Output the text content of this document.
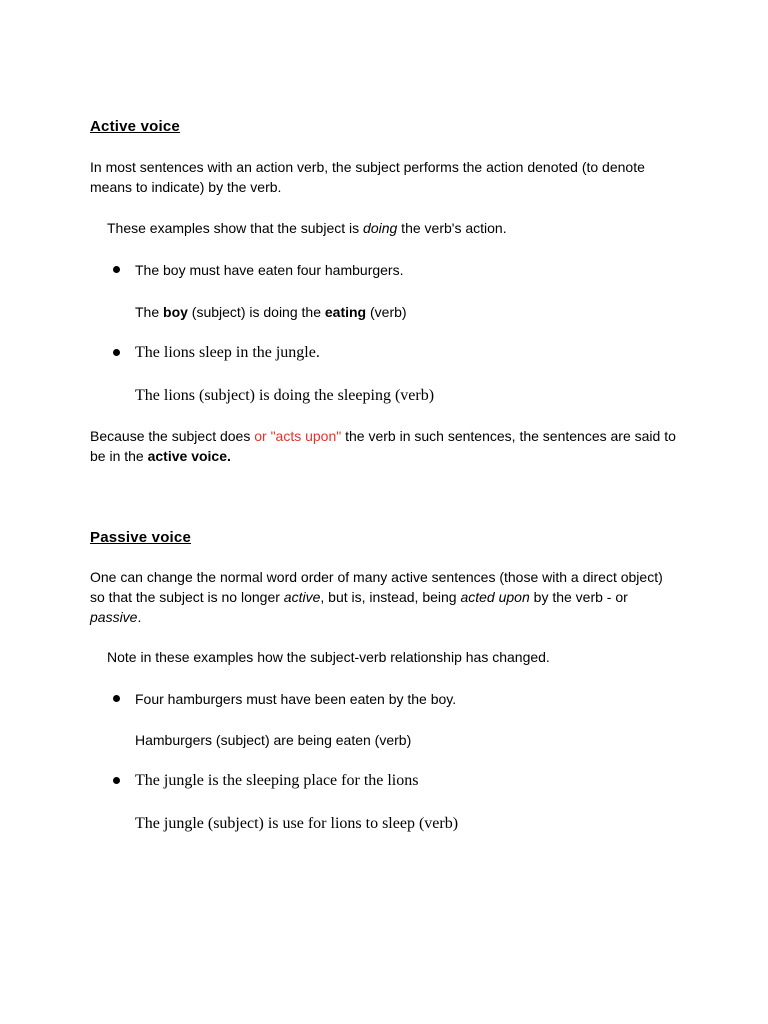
Active voice
In most sentences with an action verb, the subject performs the action denoted (to denote means to indicate) by the verb.
These examples show that the subject is doing the verb's action.
The boy must have eaten four hamburgers.
The boy (subject) is doing the eating (verb)
The lions sleep in the jungle.
The lions (subject) is doing the sleeping (verb)
Because the subject does or "acts upon" the verb in such sentences, the sentences are said to be in the active voice.
Passive voice
One can change the normal word order of many active sentences (those with a direct object) so that the subject is no longer active, but is, instead, being acted upon by the verb - or passive.
Note in these examples how the subject-verb relationship has changed.
Four hamburgers must have been eaten by the boy.
Hamburgers (subject) are being eaten (verb)
The jungle is the sleeping place for the lions
The jungle (subject) is use for lions to sleep (verb)
